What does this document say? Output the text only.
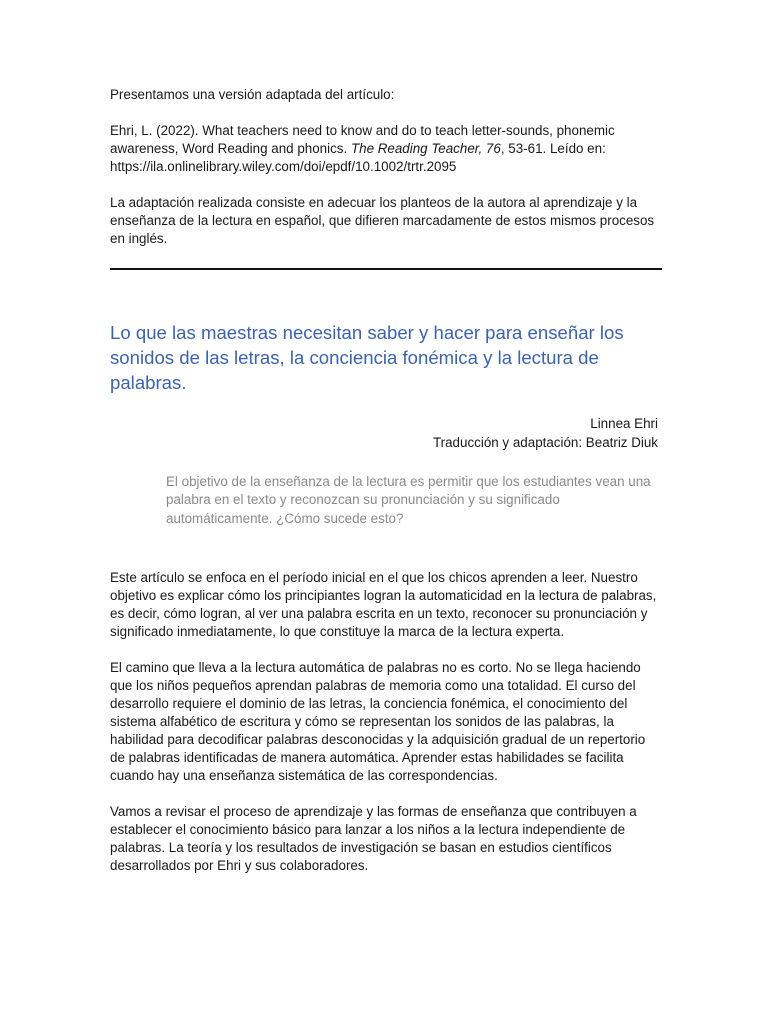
Presentamos una versión adaptada del artículo:

Ehri, L. (2022). What teachers need to know and do to teach letter-sounds, phonemic awareness, Word Reading and phonics. The Reading Teacher, 76, 53-61. Leído en: https://ila.onlinelibrary.wiley.com/doi/epdf/10.1002/trtr.2095

La adaptación realizada consiste en adecuar los planteos de la autora al aprendizaje y la enseñanza de la lectura en español, que difieren marcadamente de estos mismos procesos en inglés.

Lo que las maestras necesitan saber y hacer para enseñar los sonidos de las letras, la conciencia fonémica y la lectura de palabras.

Linnea Ehri

Traducción y adaptación: Beatriz Diuk

El objetivo de la enseñanza de la lectura es permitir que los estudiantes vean una palabra en el texto y reconozcan su pronunciación y su significado automáticamente. ¿Cómo sucede esto?

Este artículo se enfoca en el período inicial en el que los chicos aprenden a leer. Nuestro objetivo es explicar cómo los principiantes logran la automaticidad en la lectura de palabras, es decir, cómo logran, al ver una palabra escrita en un texto, reconocer su pronunciación y significado inmediatamente, lo que constituye la marca de la lectura experta.

El camino que lleva a la lectura automática de palabras no es corto. No se llega haciendo que los niños pequeños aprendan palabras de memoria como una totalidad. El curso del desarrollo requiere el dominio de las letras, la conciencia fonémica, el conocimiento del sistema alfabético de escritura y cómo se representan los sonidos de las palabras, la habilidad para decodificar palabras desconocidas y la adquisición gradual de un repertorio de palabras identificadas de manera automática. Aprender estas habilidades se facilita cuando hay una enseñanza sistemática de las correspondencias.

Vamos a revisar el proceso de aprendizaje y las formas de enseñanza que contribuyen a establecer el conocimiento básico para lanzar a los niños a la lectura independiente de palabras. La teoría y los resultados de investigación se basan en estudios científicos desarrollados por Ehri y sus colaboradores.
